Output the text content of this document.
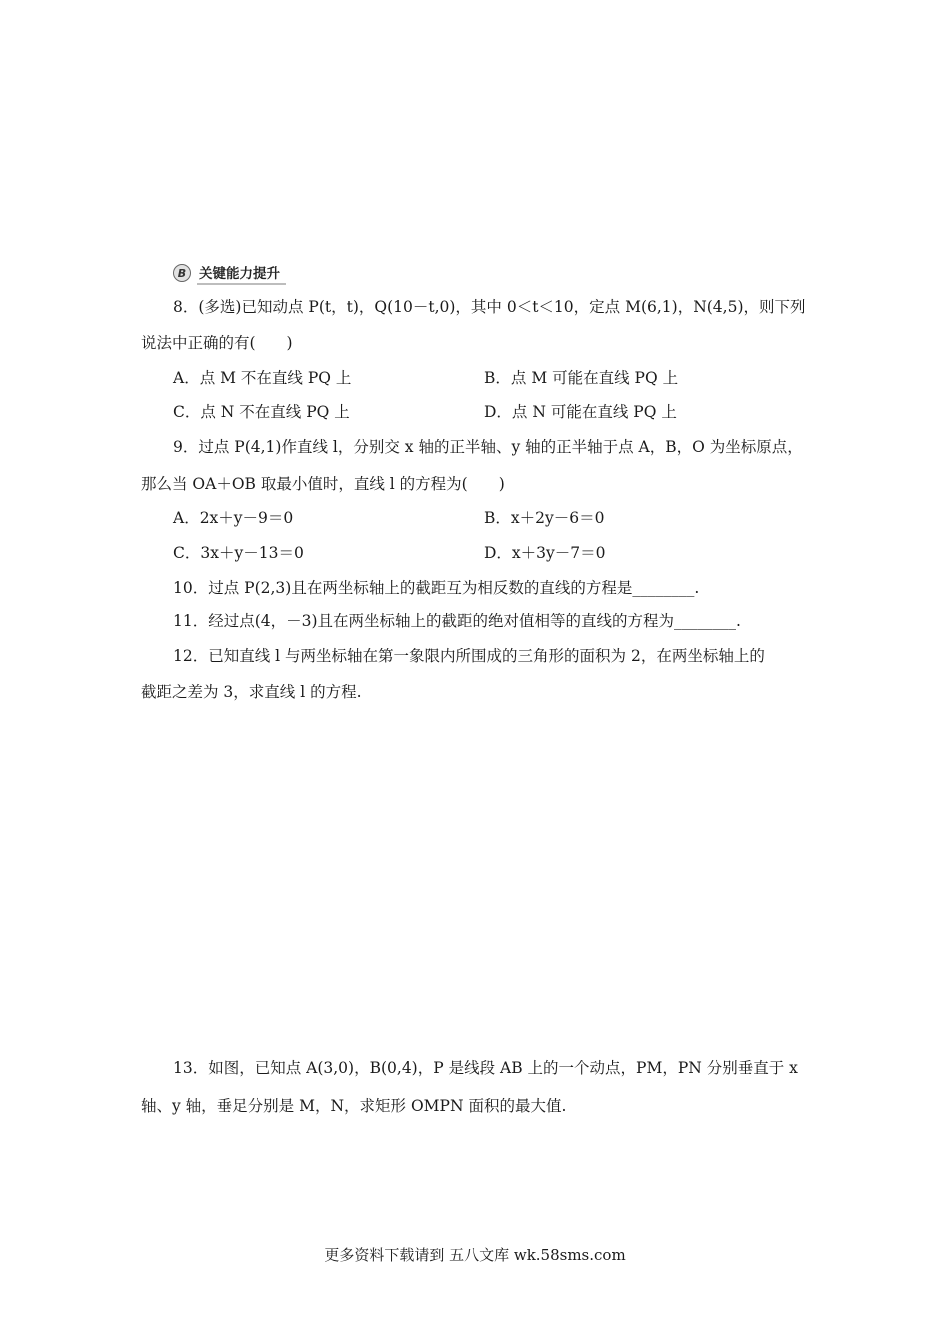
B 关键能力提升
8．(多选)已知动点 P(t，t)，Q(10－t,0)，其中 0＜t＜10，定点 M(6,1)，N(4,5)，则下列
说法中正确的有(　　)
A．点 M 不在直线 PQ 上	B．点 M 可能在直线 PQ 上
C．点 N 不在直线 PQ 上	D．点 N 可能在直线 PQ 上
9．过点 P(4,1)作直线 l，分别交 x 轴的正半轴、y 轴的正半轴于点 A，B，O 为坐标原点，
那么当 OA＋OB 取最小值时，直线 l 的方程为(　　)
A．2x＋y－9＝0	B．x＋2y－6＝0
C．3x＋y－13＝0	D．x＋3y－7＝0
10．过点 P(2,3)且在两坐标轴上的截距互为相反数的直线的方程是________.
11．经过点(4，－3)且在两坐标轴上的截距的绝对值相等的直线的方程为________.
12．已知直线 l 与两坐标轴在第一象限内所围成的三角形的面积为 2，在两坐标轴上的
截距之差为 3，求直线 l 的方程.
13．如图，已知点 A(3,0)，B(0,4)，P 是线段 AB 上的一个动点，PM，PN 分别垂直于 x
轴、y 轴，垂足分别是 M，N，求矩形 OMPN 面积的最大值.
更多资料下载请到 五八文库 wk.58sms.com
